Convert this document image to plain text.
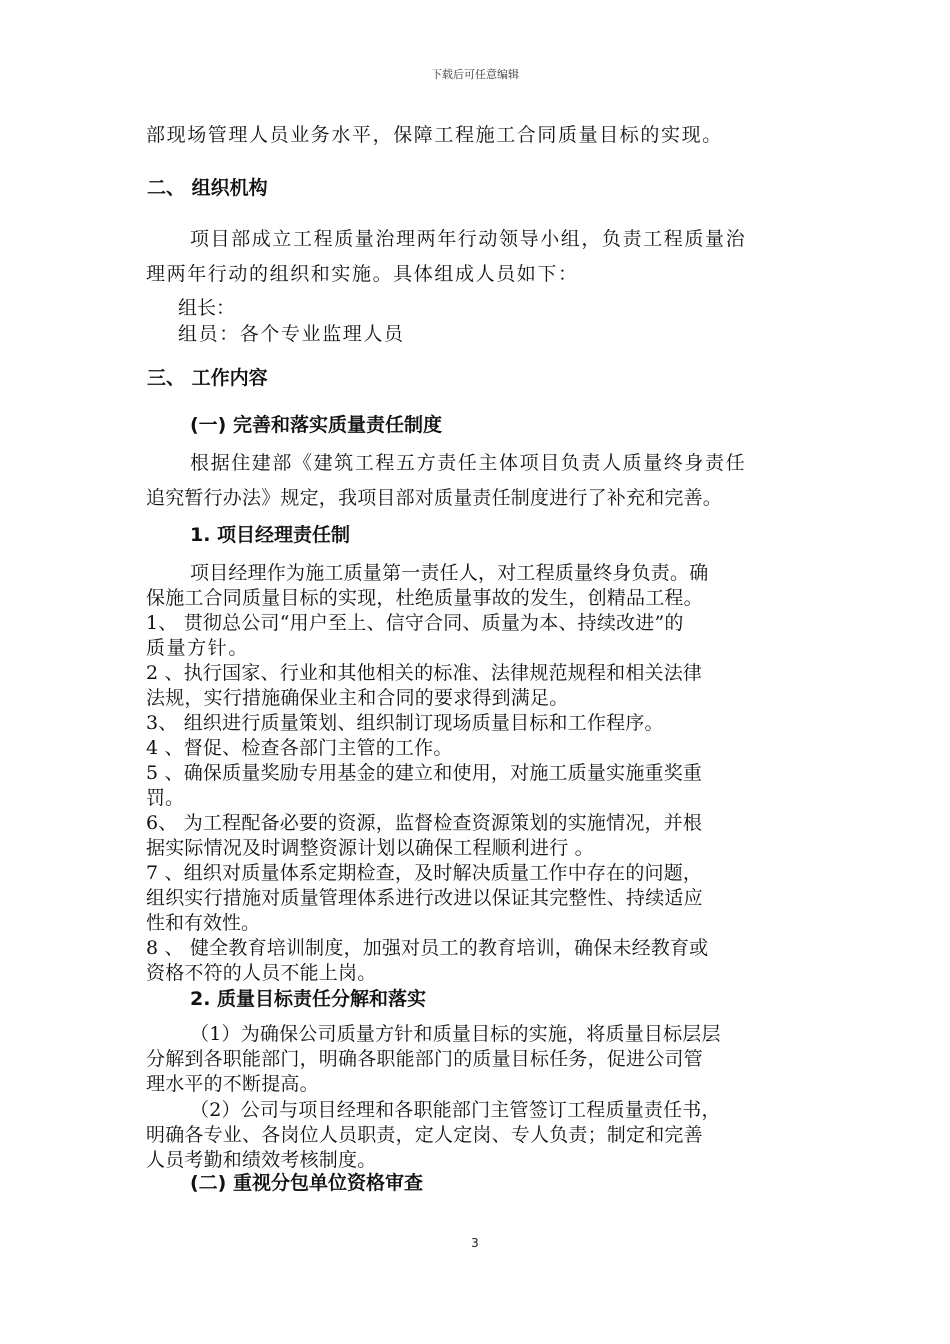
下载后可任意编辑
部现场管理人员业务水平，保障工程施工合同质量目标的实现。
二、 组织机构
项目部成立工程质量治理两年行动领导小组，负责工程质量治
理两年行动的组织和实施。具体组成人员如下：
组长：
组员：各个专业监理人员
三、 工作内容
(一) 完善和落实质量责任制度
根据住建部《建筑工程五方责任主体项目负责人质量终身责任
追究暂行办法》规定，我项目部对质量责任制度进行了补充和完善。
1. 项目经理责任制
项目经理作为施工质量第一责任人，对工程质量终身负责。确
保施工合同质量目标的实现，杜绝质量事故的发生，创精品工程。
1、 贯彻总公司“用户至上、信守合同、质量为本、持续改进”的
质量方针。
2 、执行国家、行业和其他相关的标准、法律规范规程和相关法律
法规，实行措施确保业主和合同的要求得到满足。
3、 组织进行质量策划、组织制订现场质量目标和工作程序。
4 、督促、检查各部门主管的工作。
5 、确保质量奖励专用基金的建立和使用，对施工质量实施重奖重
罚。
6、 为工程配备必要的资源，监督检查资源策划的实施情况，并根
据实际情况及时调整资源计划以确保工程顺利进行 。
7 、组织对质量体系定期检查，及时解决质量工作中存在的问题，
组织实行措施对质量管理体系进行改进以保证其完整性、持续适应
性和有效性。
8 、 健全教育培训制度，加强对员工的教育培训，确保未经教育或
资格不符的人员不能上岗。
2. 质量目标责任分解和落实
（1）为确保公司质量方针和质量目标的实施，将质量目标层层
分解到各职能部门，明确各职能部门的质量目标任务，促进公司管
理水平的不断提高。
（2）公司与项目经理和各职能部门主管签订工程质量责任书，
明确各专业、各岗位人员职责，定人定岗、专人负责；制定和完善
人员考勤和绩效考核制度。
(二) 重视分包单位资格审查
3
